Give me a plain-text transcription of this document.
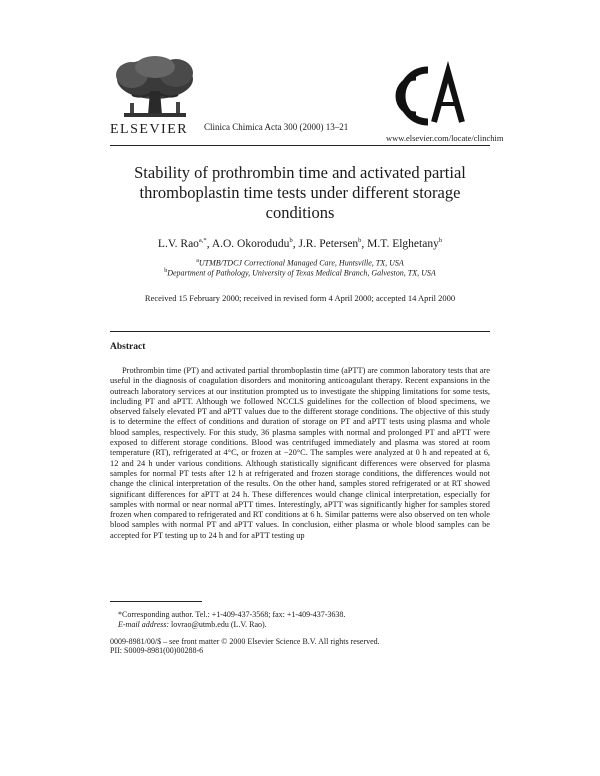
ELSEVIER Clinica Chimica Acta 300 (2000) 13–21
www.elsevier.com/locate/clinchim
Stability of prothrombin time and activated partial thromboplastin time tests under different storage conditions
L.V. Rao$^{a,*}$, A.O. Okorodudu$^b$, J.R. Petersen$^b$, M.T. Elghetany$^b$
$^a$UTMB/TDCJ Correctional Managed Care, Huntsville, TX, USA
$^b$Department of Pathology, University of Texas Medical Branch, Galveston, TX, USA
Received 15 February 2000; received in revised form 4 April 2000; accepted 14 April 2000
Abstract
Prothrombin time (PT) and activated partial thromboplastin time (aPTT) are common laboratory tests that are useful in the diagnosis of coagulation disorders and monitoring anticoagulant therapy. Recent expansions in the outreach laboratory services at our institution prompted us to investigate the shipping limitations for some tests, including PT and aPTT. Although we followed NCCLS guidelines for the collection of blood specimens, we observed falsely elevated PT and aPTT values due to the different storage conditions. The objective of this study is to determine the effect of conditions and duration of storage on PT and aPTT tests using plasma and whole blood samples, respectively. For this study, 36 plasma samples with normal and prolonged PT and aPTT were exposed to different storage conditions. Blood was centrifuged immediately and plasma was stored at room temperature (RT), refrigerated at 4°C, or frozen at −20°C. The samples were analyzed at 0 h and repeated at 6, 12 and 24 h under various conditions. Although statistically significant differences were observed for plasma samples for normal PT tests after 12 h at refrigerated and frozen storage conditions, the differences would not change the clinical interpretation of the results. On the other hand, samples stored refrigerated or at RT showed significant differences for aPTT at 24 h. These differences would change clinical interpretation, especially for samples with normal or near normal aPTT times. Interestingly, aPTT was significantly higher for samples stored frozen when compared to refrigerated and RT conditions at 6 h. Similar patterns were also observed on ten whole blood samples with normal PT and aPTT values. In conclusion, either plasma or whole blood samples can be accepted for PT testing up to 24 h and for aPTT testing up
*Corresponding author. Tel.: +1-409-437-3568; fax: +1-409-437-3638.
E-mail address: lovrao@utmb.edu (L.V. Rao).
0009-8981/00/$ – see front matter © 2000 Elsevier Science B.V. All rights reserved.
PII: S0009-8981(00)00288-6
